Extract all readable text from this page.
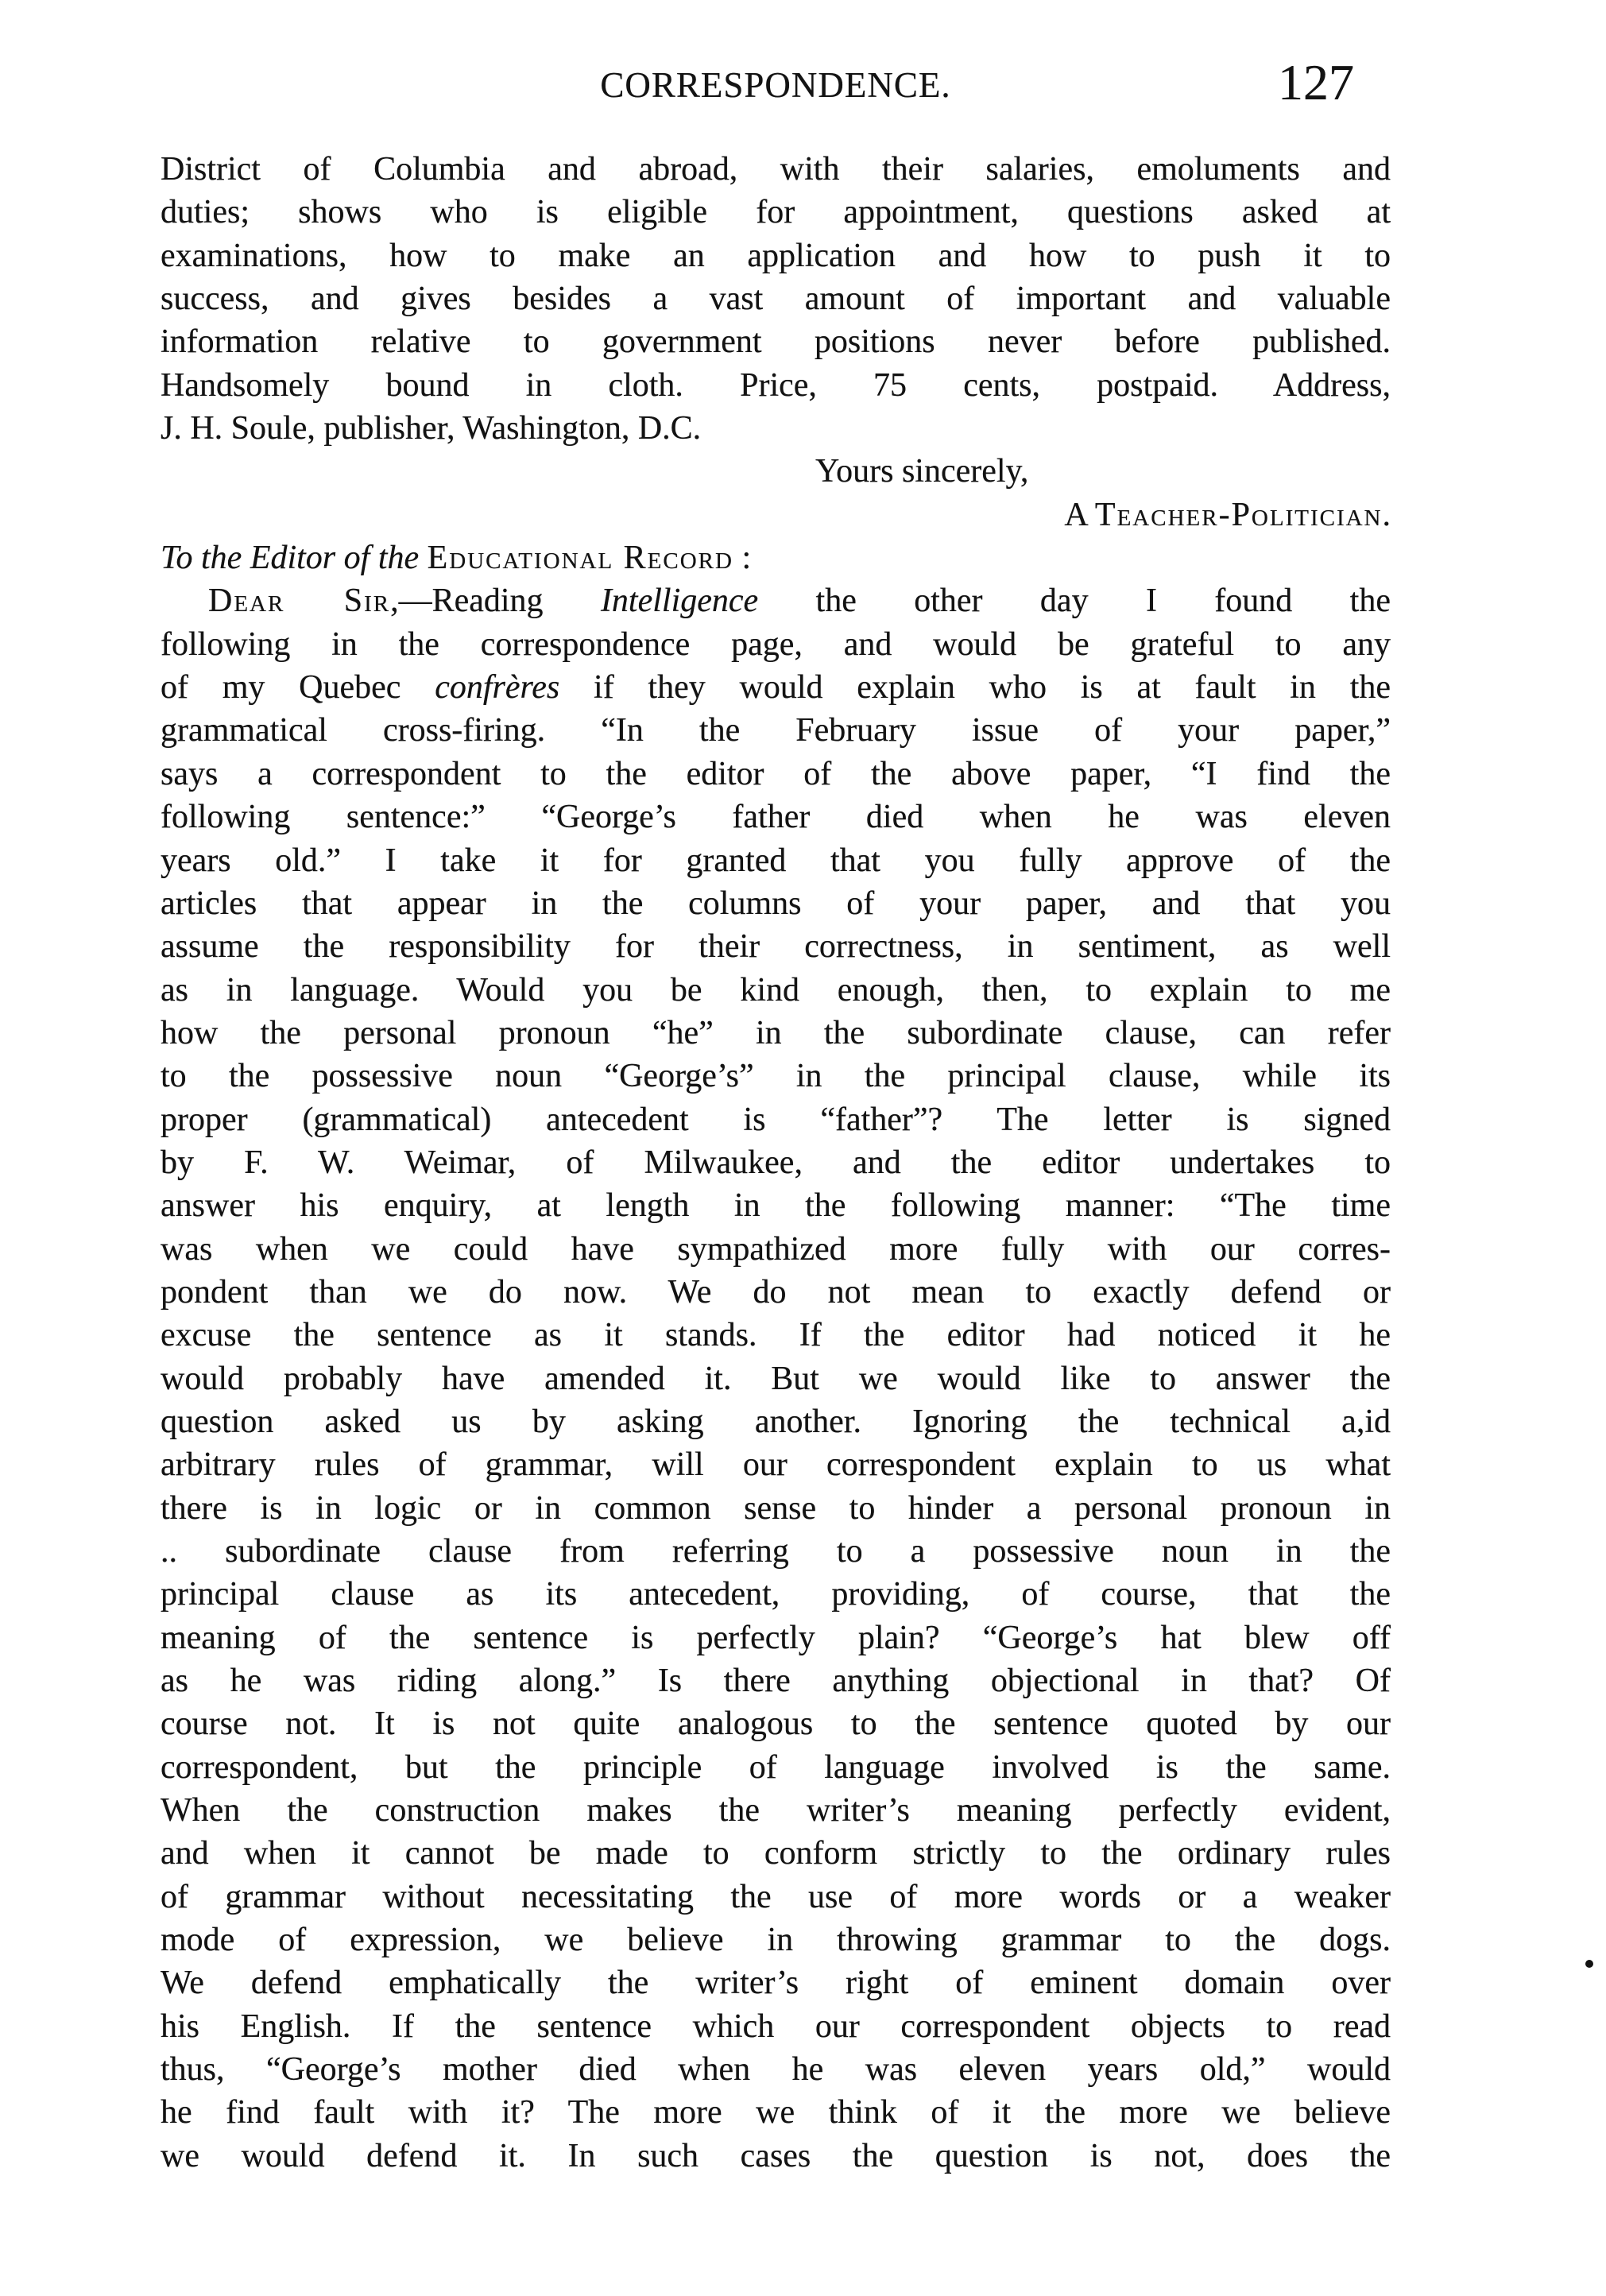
CORRESPONDENCE.	127
District of Columbia and abroad, with their salaries, emoluments and
duties; shows who is eligible for appointment, questions asked at
examinations, how to make an application and how to push it to
success, and gives besides a vast amount of important and valuable
information relative to government positions never before published.
Handsomely bound in cloth. Price, 75 cents, postpaid. Address,
J. H. Soule, publisher, Washington, D.C.
Yours sincerely,
A Teacher-Politician.
To the Editor of the Educational Record :
Dear Sir,—Reading Intelligence the other day I found the
following in the correspondence page, and would be grateful to any
of my Quebec confrères if they would explain who is at fault in the
grammatical cross-firing. “In the February issue of your paper,”
says a correspondent to the editor of the above paper, “I find the
following sentence:” “George’s father died when he was eleven
years old.” I take it for granted that you fully approve of the
articles that appear in the columns of your paper, and that you
assume the responsibility for their correctness, in sentiment, as well
as in language. Would you be kind enough, then, to explain to me
how the personal pronoun “he” in the subordinate clause, can refer
to the possessive noun “George’s” in the principal clause, while its
proper (grammatical) antecedent is “father”? The letter is signed
by F. W. Weimar, of Milwaukee, and the editor undertakes to
answer his enquiry, at length in the following manner: “The time
was when we could have sympathized more fully with our corres-
pondent than we do now. We do not mean to exactly defend or
excuse the sentence as it stands. If the editor had noticed it he
would probably have amended it. But we would like to answer the
question asked us by asking another. Ignoring the technical a,id
arbitrary rules of grammar, will our correspondent explain to us what
there is in logic or in common sense to hinder a personal pronoun in
.. subordinate clause from referring to a possessive noun in the
principal clause as its antecedent, providing, of course, that the
meaning of the sentence is perfectly plain? “George’s hat blew off
as he was riding along.” Is there anything objectional in that? Of
course not. It is not quite analogous to the sentence quoted by our
correspondent, but the principle of language involved is the same.
When the construction makes the writer’s meaning perfectly evident,
and when it cannot be made to conform strictly to the ordinary rules
of grammar without necessitating the use of more words or a weaker
mode of expression, we believe in throwing grammar to the dogs.
We defend emphatically the writer’s right of eminent domain over
his English. If the sentence which our correspondent objects to read
thus, “George’s mother died when he was eleven years old,” would
he find fault with it? The more we think of it the more we believe
we would defend it. In such cases the question is not, does the
